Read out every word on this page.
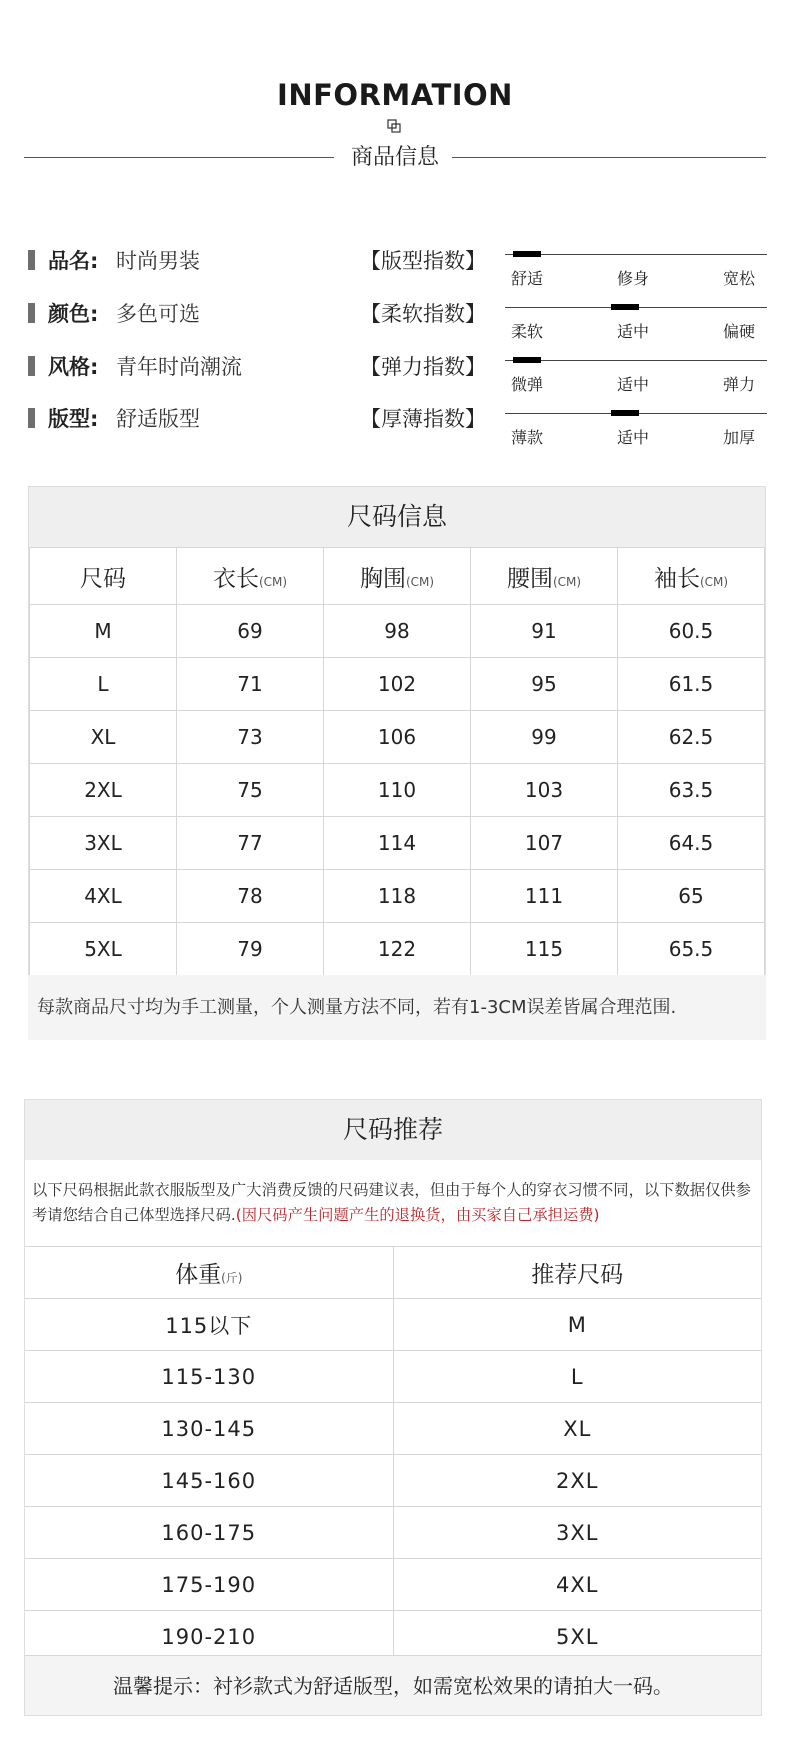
INFORMATION
商品信息
品名: 时尚男装
颜色: 多色可选
风格: 青年时尚潮流
版型: 舒适版型
【版型指数】
【柔软指数】
【弹力指数】
【厚薄指数】
舒适	修身	宽松
柔软	适中	偏硬
微弹	适中	弹力
薄款	适中	加厚
尺码信息
尺码	衣长(CM)	胸围(CM)	腰围(CM)	袖长(CM)
M	69	98	91	60.5
L	71	102	95	61.5
XL	73	106	99	62.5
2XL	75	110	103	63.5
3XL	77	114	107	64.5
4XL	78	118	111	65
5XL	79	122	115	65.5
每款商品尺寸均为手工测量，个人测量方法不同，若有1-3CM误差皆属合理范围.
尺码推荐
以下尺码根据此款衣服版型及广大消费反馈的尺码建议表，但由于每个人的穿衣习惯不同，以下数据仅供参考请您结合自己体型选择尺码.(因尺码产生问题产生的退换货，由买家自己承担运费)
体重(斤)	推荐尺码
115以下	M
115-130	L
130-145	XL
145-160	2XL
160-175	3XL
175-190	4XL
190-210	5XL
温馨提示：衬衫款式为舒适版型，如需宽松效果的请拍大一码。
